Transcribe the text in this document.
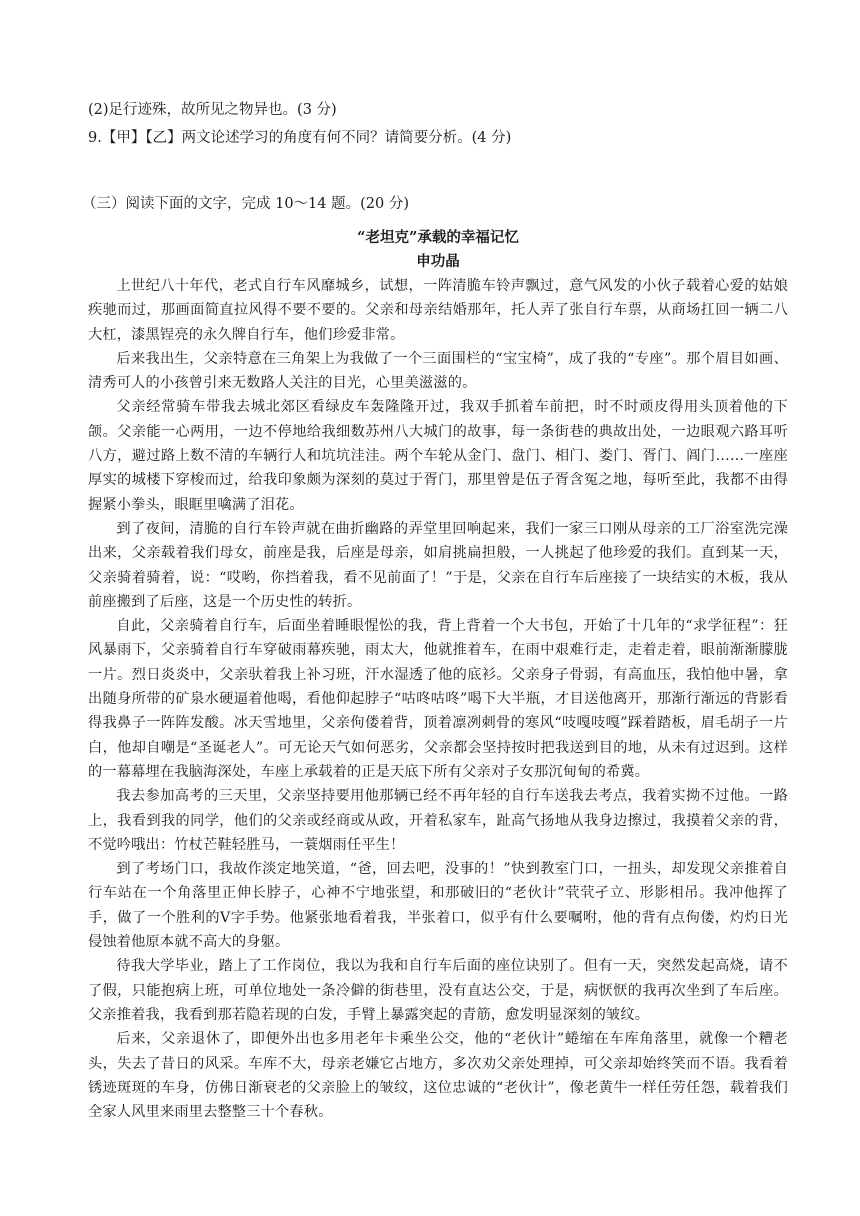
(2)足行迹殊，故所见之物异也。(3 分)

9.【甲】【乙】两文论述学习的角度有何不同？请简要分析。(4 分)

（三）阅读下面的文字，完成 10～14 题。(20 分)

“老坦克”承载的幸福记忆

申功晶

上世纪八十年代，老式自行车风靡城乡，试想，一阵清脆车铃声飘过，意气风发的小伙子载着心爱的姑娘疾驰而过，那画面简直拉风得不要不要的。父亲和母亲结婚那年，托人弄了张自行车票，从商场扛回一辆二八大杠，漆黑锃亮的永久牌自行车，他们珍爱非常。

后来我出生，父亲特意在三角架上为我做了一个三面围栏的“宝宝椅”，成了我的“专座”。那个眉目如画、清秀可人的小孩曾引来无数路人关注的目光，心里美滋滋的。

父亲经常骑车带我去城北郊区看绿皮车轰隆隆开过，我双手抓着车前把，时不时顽皮得用头顶着他的下颌。父亲能一心两用，一边不停地给我细数苏州八大城门的故事，每一条街巷的典故出处，一边眼观六路耳听八方，避过路上数不清的车辆行人和坑坑洼洼。两个车轮从金门、盘门、相门、娄门、胥门、阊门……一座座厚实的城楼下穿梭而过，给我印象颇为深刻的莫过于胥门，那里曾是伍子胥含冤之地，每听至此，我都不由得握紧小拳头，眼眶里噙满了泪花。

到了夜间，清脆的自行车铃声就在曲折幽路的弄堂里回响起来，我们一家三口刚从母亲的工厂浴室洗完澡出来，父亲载着我们母女，前座是我，后座是母亲，如肩挑扁担般，一人挑起了他珍爱的我们。直到某一天，父亲骑着骑着，说：“哎哟，你挡着我，看不见前面了！”于是，父亲在自行车后座接了一块结实的木板，我从前座搬到了后座，这是一个历史性的转折。

自此，父亲骑着自行车，后面坐着睡眼惺忪的我，背上背着一个大书包，开始了十几年的“求学征程”：狂风暴雨下，父亲骑着自行车穿破雨幕疾驰，雨太大，他就推着车，在雨中艰难行走，走着走着，眼前渐渐朦胧一片。烈日炎炎中，父亲驮着我上补习班，汗水湿透了他的底衫。父亲身子骨弱，有高血压，我怕他中暑，拿出随身所带的矿泉水硬逼着他喝，看他仰起脖子“咕咚咕咚”喝下大半瓶，才目送他离开，那渐行渐远的背影看得我鼻子一阵阵发酸。冰天雪地里，父亲佝偻着背，顶着凛冽刺骨的寒风“吱嘎吱嘎”踩着踏板，眉毛胡子一片白，他却自嘲是“圣诞老人”。可无论天气如何恶劣，父亲都会坚持按时把我送到目的地，从未有过迟到。这样的一幕幕埋在我脑海深处，车座上承载着的正是天底下所有父亲对子女那沉甸甸的希冀。

我去参加高考的三天里，父亲坚持要用他那辆已经不再年轻的自行车送我去考点，我着实拗不过他。一路上，我看到我的同学，他们的父亲或经商或从政，开着私家车，趾高气扬地从我身边擦过，我摸着父亲的背，不觉吟哦出：竹杖芒鞋轻胜马，一蓑烟雨任平生！

到了考场门口，我故作淡定地笑道，“爸，回去吧，没事的！”快到教室门口，一扭头，却发现父亲推着自行车站在一个角落里正伸长脖子，心神不宁地张望，和那破旧的“老伙计”茕茕孑立、形影相吊。我冲他挥了手，做了一个胜利的Ⅴ字手势。他紧张地看着我，半张着口，似乎有什么要嘱咐，他的背有点佝偻，灼灼日光侵蚀着他原本就不高大的身躯。

待我大学毕业，踏上了工作岗位，我以为我和自行车后面的座位诀别了。但有一天，突然发起高烧，请不了假，只能抱病上班，可单位地处一条冷僻的街巷里，没有直达公交，于是，病恹恹的我再次坐到了车后座。父亲推着我，我看到那若隐若现的白发，手臂上暴露突起的青筋，愈发明显深刻的皱纹。

后来，父亲退休了，即便外出也多用老年卡乘坐公交，他的“老伙计”蜷缩在车库角落里，就像一个糟老头，失去了昔日的风采。车库不大，母亲老嫌它占地方，多次劝父亲处理掉，可父亲却始终笑而不语。我看着锈迹斑斑的车身，仿佛日渐衰老的父亲脸上的皱纹，这位忠诚的“老伙计”，像老黄牛一样任劳任怨，载着我们全家人风里来雨里去整整三十个春秋。
